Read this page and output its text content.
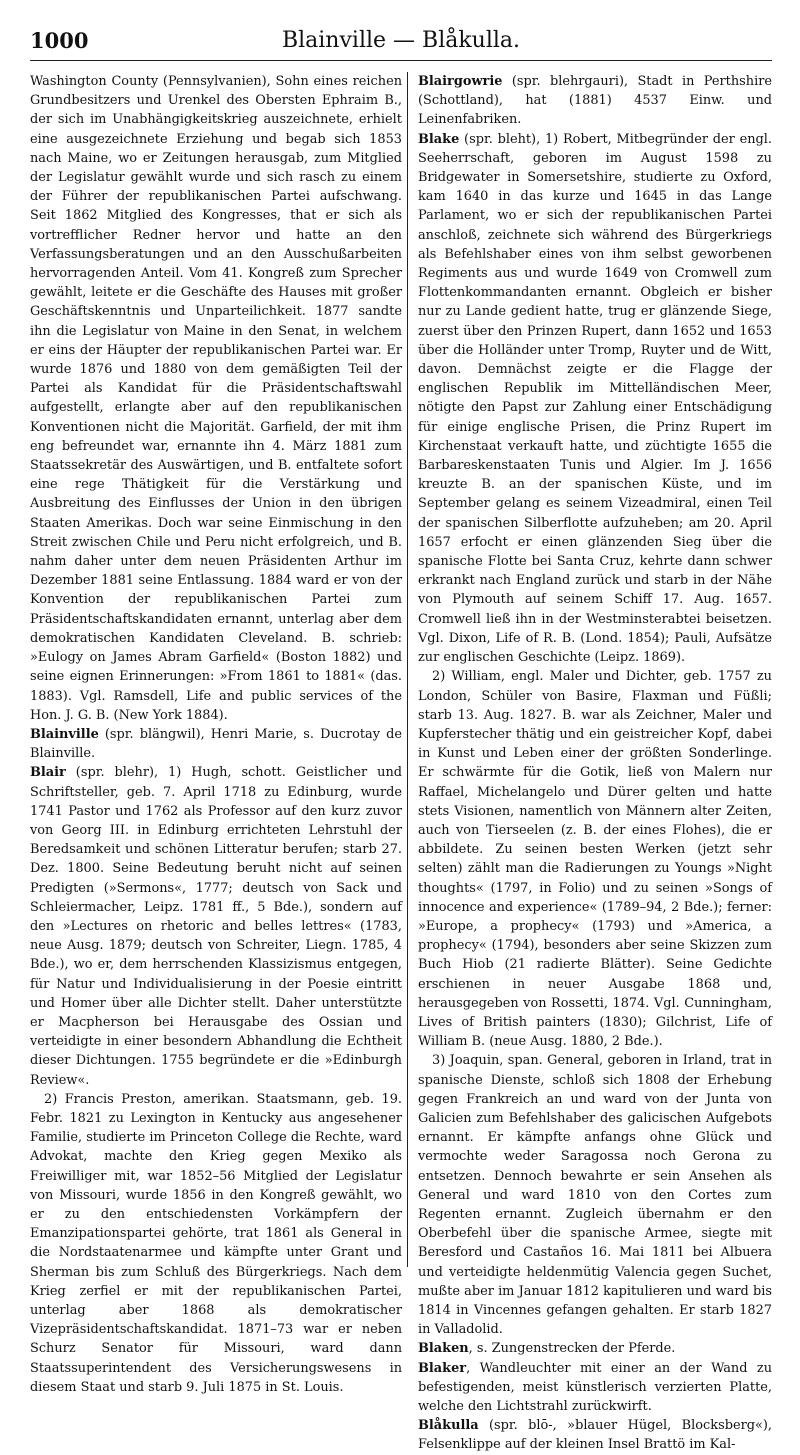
1000	Blainville — Blåkulla.

Washington County (Pennsylvanien), Sohn eines reichen Grundbesitzers und Urenkel des Obersten Ephraim B., der sich im Unabhängigkeitskrieg auszeichnete, erhielt eine ausgezeichnete Erziehung und begab sich 1853 nach Maine, wo er Zeitungen herausgab, zum Mitglied der Legislatur gewählt wurde und sich rasch zu einem der Führer der republikanischen Partei aufschwang. Seit 1862 Mitglied des Kongresses, that er sich als vortrefflicher Redner hervor und hatte an den Verfassungsberatungen und an den Ausschußarbeiten hervorragenden Anteil. Vom 41. Kongreß zum Sprecher gewählt, leitete er die Geschäfte des Hauses mit großer Geschäftskenntnis und Unparteilichkeit. 1877 sandte ihn die Legislatur von Maine in den Senat, in welchem er eins der Häupter der republikanischen Partei war. Er wurde 1876 und 1880 von dem gemäßigten Teil der Partei als Kandidat für die Präsidentschaftswahl aufgestellt, erlangte aber auf den republikanischen Konventionen nicht die Majorität. Garfield, der mit ihm eng befreundet war, ernannte ihn 4. März 1881 zum Staatssekretär des Auswärtigen, und B. entfaltete sofort eine rege Thätigkeit für die Verstärkung und Ausbreitung des Einflusses der Union in den übrigen Staaten Amerikas. Doch war seine Einmischung in den Streit zwischen Chile und Peru nicht erfolgreich, und B. nahm daher unter dem neuen Präsidenten Arthur im Dezember 1881 seine Entlassung. 1884 ward er von der Konvention der republikanischen Partei zum Präsidentschaftskandidaten ernannt, unterlag aber dem demokratischen Kandidaten Cleveland. B. schrieb: »Eulogy on James Abram Garfield« (Boston 1882) und seine eignen Erinnerungen: »From 1861 to 1881« (das. 1883). Vgl. Ramsdell, Life and public services of the Hon. J. G. B. (New York 1884).

Blainville (spr. blängwil), Henri Marie, s. Ducrotay de Blainville.

Blair (spr. blehr), 1) Hugh, schott. Geistlicher und Schriftsteller, geb. 7. April 1718 zu Edinburg, wurde 1741 Pastor und 1762 als Professor auf den kurz zuvor von Georg III. in Edinburg errichteten Lehrstuhl der Beredsamkeit und schönen Litteratur berufen; starb 27. Dez. 1800. Seine Bedeutung beruht nicht auf seinen Predigten (»Sermons«, 1777; deutsch von Sack und Schleiermacher, Leipz. 1781 ff., 5 Bde.), sondern auf den »Lectures on rhetoric and belles lettres« (1783, neue Ausg. 1879; deutsch von Schreiter, Liegn. 1785, 4 Bde.), wo er, dem herrschenden Klassizismus entgegen, für Natur und Individualisierung in der Poesie eintritt und Homer über alle Dichter stellt. Daher unterstützte er Macpherson bei Herausgabe des Ossian und verteidigte in einer besondern Abhandlung die Echtheit dieser Dichtungen. 1755 begründete er die »Edinburgh Review«.

2) Francis Preston, amerikan. Staatsmann, geb. 19. Febr. 1821 zu Lexington in Kentucky aus angesehener Familie, studierte im Princeton College die Rechte, ward Advokat, machte den Krieg gegen Mexiko als Freiwilliger mit, war 1852–56 Mitglied der Legislatur von Missouri, wurde 1856 in den Kongreß gewählt, wo er zu den entschiedensten Vorkämpfern der Emanzipationspartei gehörte, trat 1861 als General in die Nordstaatenarmee und kämpfte unter Grant und Sherman bis zum Schluß des Bürgerkriegs. Nach dem Krieg zerfiel er mit der republikanischen Partei, unterlag aber 1868 als demokratischer Vizepräsidentschaftskandidat. 1871–73 war er neben Schurz Senator für Missouri, ward dann Staatssuperintendent des Versicherungswesens in diesem Staat und starb 9. Juli 1875 in St. Louis.

Blairgowrie (spr. blehrgauri), Stadt in Perthshire (Schottland), hat (1881) 4537 Einw. und Leinenfabriken.

Blake (spr. bleht), 1) Robert, Mitbegründer der engl. Seeherrschaft, geboren im August 1598 zu Bridgewater in Somersetshire, studierte zu Oxford, kam 1640 in das kurze und 1645 in das Lange Parlament, wo er sich der republikanischen Partei anschloß, zeichnete sich während des Bürgerkriegs als Befehlshaber eines von ihm selbst geworbenen Regiments aus und wurde 1649 von Cromwell zum Flottenkommandanten ernannt. Obgleich er bisher nur zu Lande gedient hatte, trug er glänzende Siege, zuerst über den Prinzen Rupert, dann 1652 und 1653 über die Holländer unter Tromp, Ruyter und de Witt, davon. Demnächst zeigte er die Flagge der englischen Republik im Mittelländischen Meer, nötigte den Papst zur Zahlung einer Entschädigung für einige englische Prisen, die Prinz Rupert im Kirchenstaat verkauft hatte, und züchtigte 1655 die Barbareskenstaaten Tunis und Algier. Im J. 1656 kreuzte B. an der spanischen Küste, und im September gelang es seinem Vizeadmiral, einen Teil der spanischen Silberflotte aufzuheben; am 20. April 1657 erfocht er einen glänzenden Sieg über die spanische Flotte bei Santa Cruz, kehrte dann schwer erkrankt nach England zurück und starb in der Nähe von Plymouth auf seinem Schiff 17. Aug. 1657. Cromwell ließ ihn in der Westminsterabtei beisetzen. Vgl. Dixon, Life of R. B. (Lond. 1854); Pauli, Aufsätze zur englischen Geschichte (Leipz. 1869).

2) William, engl. Maler und Dichter, geb. 1757 zu London, Schüler von Basire, Flaxman und Füßli; starb 13. Aug. 1827. B. war als Zeichner, Maler und Kupferstecher thätig und ein geistreicher Kopf, dabei in Kunst und Leben einer der größten Sonderlinge. Er schwärmte für die Gotik, ließ von Malern nur Raffael, Michelangelo und Dürer gelten und hatte stets Visionen, namentlich von Männern alter Zeiten, auch von Tierseelen (z. B. der eines Flohes), die er abbildete. Zu seinen besten Werken (jetzt sehr selten) zählt man die Radierungen zu Youngs »Night thoughts« (1797, in Folio) und zu seinen »Songs of innocence and experience« (1789–94, 2 Bde.); ferner: »Europe, a prophecy« (1793) und »America, a prophecy« (1794), besonders aber seine Skizzen zum Buch Hiob (21 radierte Blätter). Seine Gedichte erschienen in neuer Ausgabe 1868 und, herausgegeben von Rossetti, 1874. Vgl. Cunningham, Lives of British painters (1830); Gilchrist, Life of William B. (neue Ausg. 1880, 2 Bde.).

3) Joaquin, span. General, geboren in Irland, trat in spanische Dienste, schloß sich 1808 der Erhebung gegen Frankreich an und ward von der Junta von Galicien zum Befehlshaber des galicischen Aufgebots ernannt. Er kämpfte anfangs ohne Glück und vermochte weder Saragossa noch Gerona zu entsetzen. Dennoch bewahrte er sein Ansehen als General und ward 1810 von den Cortes zum Regenten ernannt. Zugleich übernahm er den Oberbefehl über die spanische Armee, siegte mit Beresford und Castaños 16. Mai 1811 bei Albuera und verteidigte heldenmütig Valencia gegen Suchet, mußte aber im Januar 1812 kapitulieren und ward bis 1814 in Vincennes gefangen gehalten. Er starb 1827 in Valladolid.

Blaken, s. Zungenstrecken der Pferde.

Blaker, Wandleuchter mit einer an der Wand zu befestigenden, meist künstlerisch verzierten Platte, welche den Lichtstrahl zurückwirft.

Blåkulla (spr. blō-, »blauer Hügel, Blocksberg«), Felsenklippe auf der kleinen Insel Brattö im Kal-
